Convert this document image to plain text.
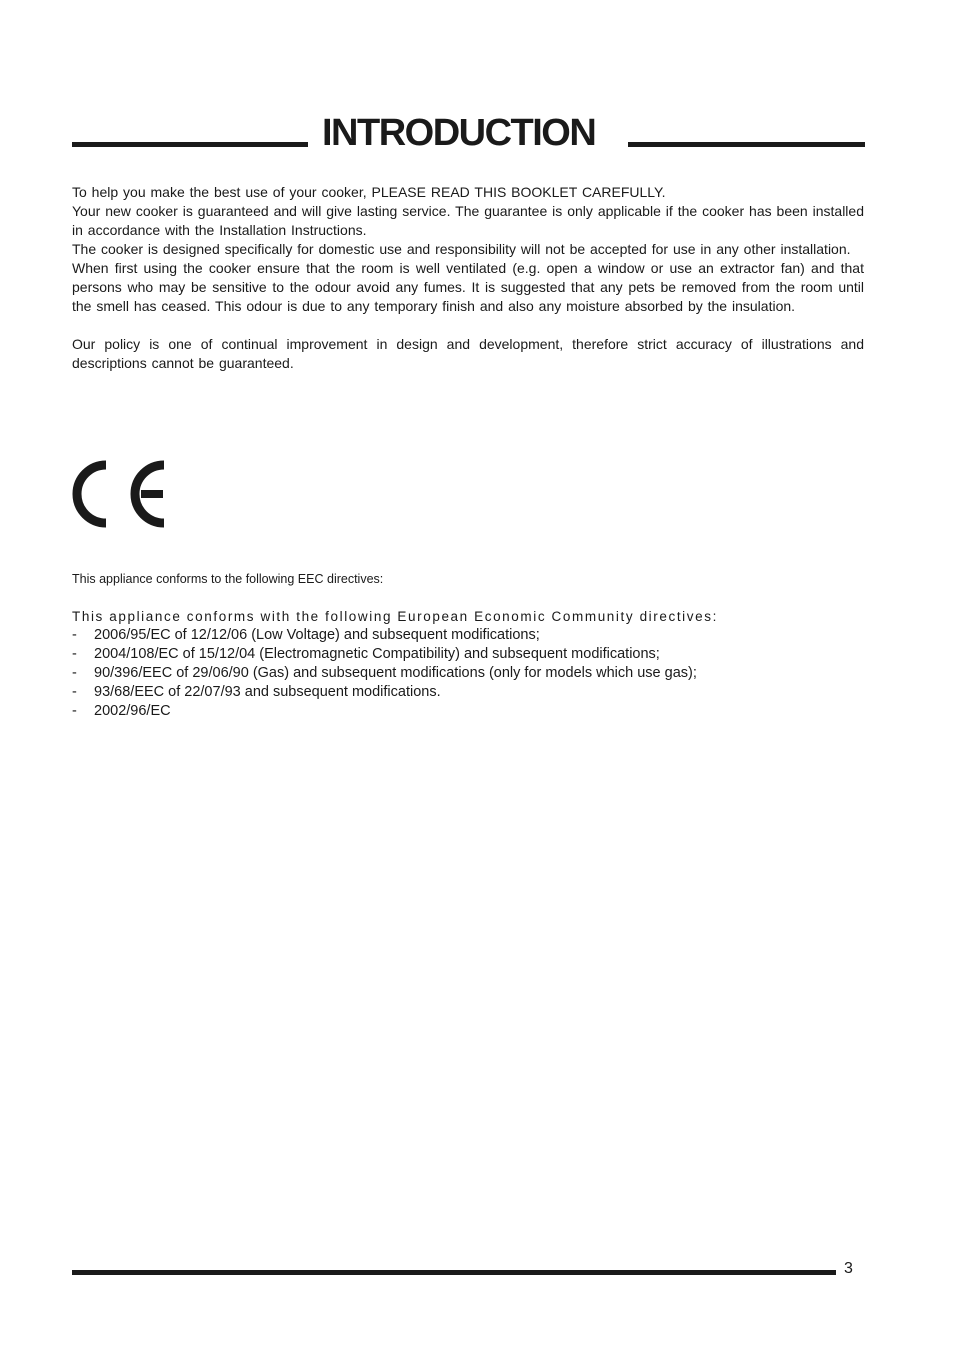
INTRODUCTION

To help you make the best use of your cooker, PLEASE READ THIS BOOKLET CAREFULLY.

Your new cooker is guaranteed and will give lasting service. The guarantee is only applicable if the cooker has been installed in accordance with the Installation Instructions.

The cooker is designed specifically for domestic use and responsibility will not be accepted for use in any other installation.

When first using the cooker ensure that the room is well ventilated (e.g. open a window or use an extractor fan) and that persons who may be sensitive to the odour avoid any fumes. It is suggested that any pets be removed from the room until the smell has ceased. This odour is due to any temporary finish and also any moisture absorbed by the insulation.

Our policy is one of continual improvement in design and development, therefore strict accuracy of illustrations and descriptions cannot be guaranteed.

This appliance conforms to the following EEC directives:
This appliance conforms with the following European Economic Community directives:
- 2006/95/EC of 12/12/06 (Low Voltage) and subsequent modifications;
- 2004/108/EC of 15/12/04 (Electromagnetic Compatibility) and subsequent modifications;
- 90/396/EEC of 29/06/90 (Gas) and subsequent modifications (only for models which use gas);
- 93/68/EEC of 22/07/93 and subsequent modifications.
- 2002/96/EC
3
